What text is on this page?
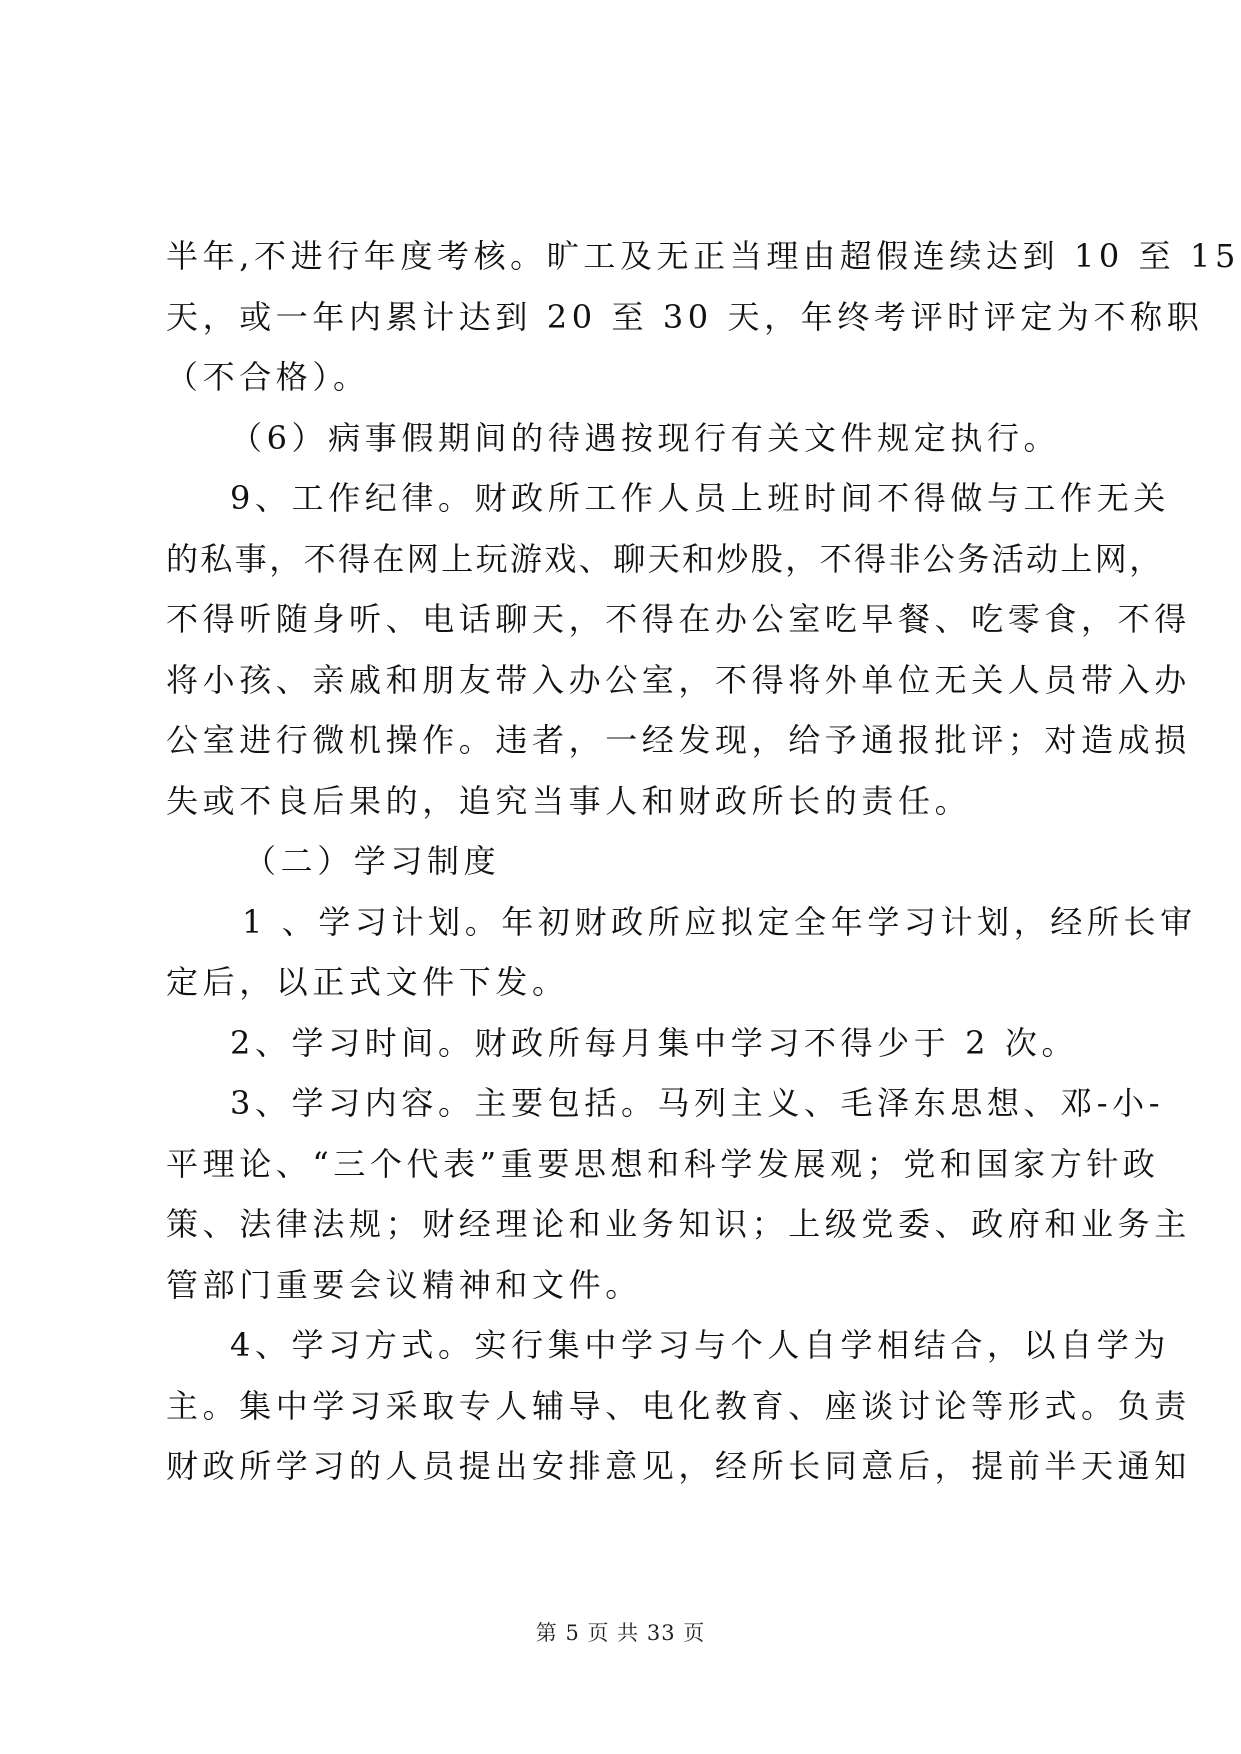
半年,不进行年度考核。旷工及无正当理由超假连续达到 10 至 15
天，或一年内累计达到 20 至 30 天，年终考评时评定为不称职
（不合格）。
（6）病事假期间的待遇按现行有关文件规定执行。
9、工作纪律。财政所工作人员上班时间不得做与工作无关
的私事，不得在网上玩游戏、聊天和炒股，不得非公务活动上网，
不得听随身听、电话聊天，不得在办公室吃早餐、吃零食，不得
将小孩、亲戚和朋友带入办公室，不得将外单位无关人员带入办
公室进行微机操作。违者，一经发现，给予通报批评；对造成损
失或不良后果的，追究当事人和财政所长的责任。
（二）学习制度
1 、学习计划。年初财政所应拟定全年学习计划，经所长审
定后，以正式文件下发。
2、学习时间。财政所每月集中学习不得少于 2 次。
3、学习内容。主要包括。马列主义、毛泽东思想、邓-小-
平理论、“三个代表”重要思想和科学发展观；党和国家方针政
策、法律法规；财经理论和业务知识；上级党委、政府和业务主
管部门重要会议精神和文件。
4、学习方式。实行集中学习与个人自学相结合，以自学为
主。集中学习采取专人辅导、电化教育、座谈讨论等形式。负责
财政所学习的人员提出安排意见，经所长同意后，提前半天通知
第 5 页 共 33 页
